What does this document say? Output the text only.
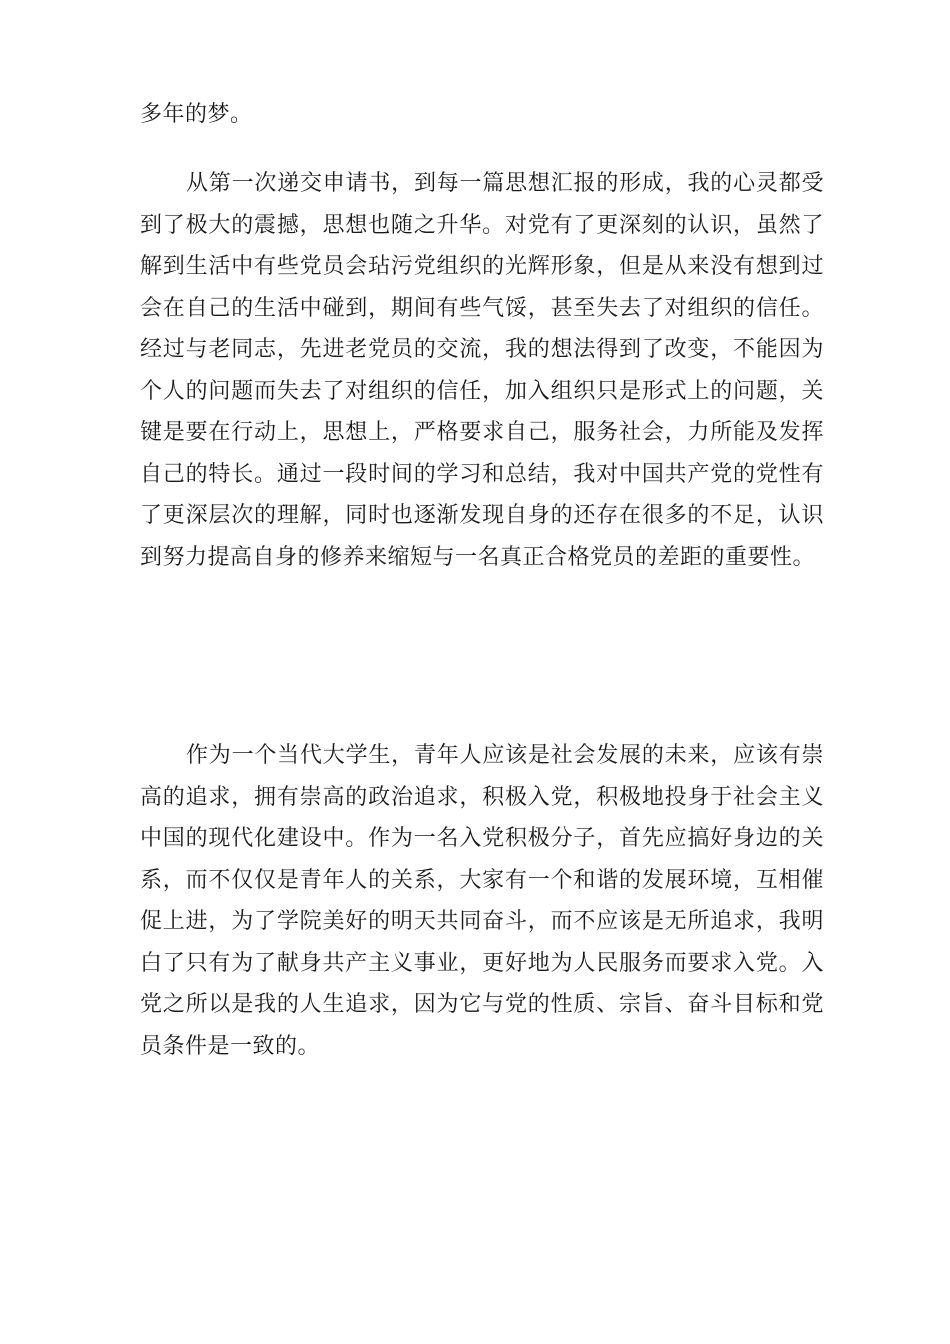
多年的梦。

从第一次递交申请书，到每一篇思想汇报的形成，我的心灵都受到了极大的震撼，思想也随之升华。对党有了更深刻的认识，虽然了解到生活中有些党员会玷污党组织的光辉形象，但是从来没有想到过会在自己的生活中碰到，期间有些气馁，甚至失去了对组织的信任。经过与老同志，先进老党员的交流，我的想法得到了改变，不能因为个人的问题而失去了对组织的信任，加入组织只是形式上的问题，关键是要在行动上，思想上，严格要求自己，服务社会，力所能及发挥自己的特长。通过一段时间的学习和总结，我对中国共产党的党性有了更深层次的理解，同时也逐渐发现自身的还存在很多的不足，认识到努力提高自身的修养来缩短与一名真正合格党员的差距的重要性。

作为一个当代大学生，青年人应该是社会发展的未来，应该有崇高的追求，拥有崇高的政治追求，积极入党，积极地投身于社会主义中国的现代化建设中。作为一名入党积极分子，首先应搞好身边的关系，而不仅仅是青年人的关系，大家有一个和谐的发展环境，互相催促上进，为了学院美好的明天共同奋斗，而不应该是无所追求，我明白了只有为了献身共产主义事业，更好地为人民服务而要求入党。入党之所以是我的人生追求，因为它与党的性质、宗旨、奋斗目标和党员条件是一致的。
